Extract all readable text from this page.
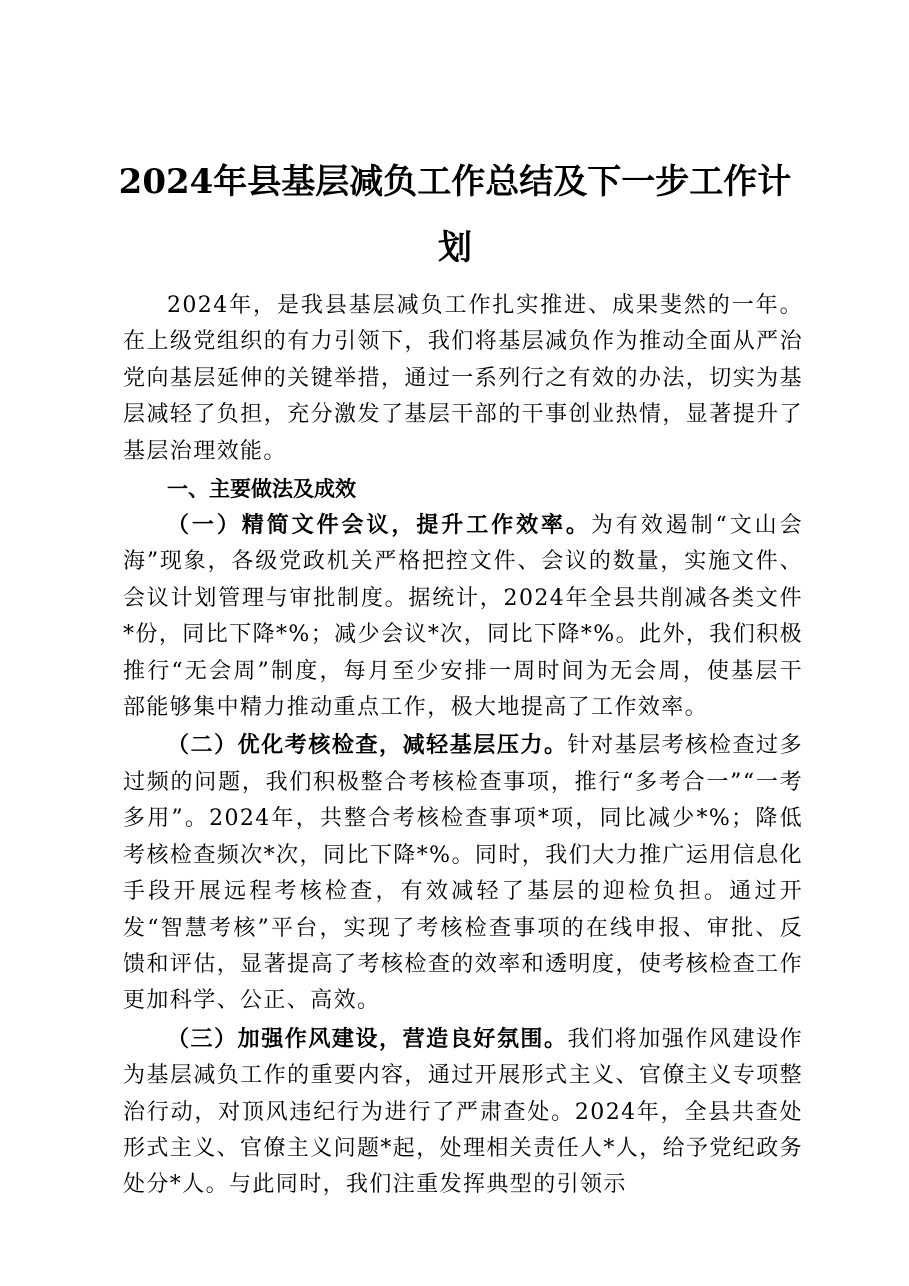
2024年县基层减负工作总结及下一步工作计
划

2024年，是我县基层减负工作扎实推进、成果斐然的一年。在上级党组织的有力引领下，我们将基层减负作为推动全面从严治党向基层延伸的关键举措，通过一系列行之有效的办法，切实为基层减轻了负担，充分激发了基层干部的干事创业热情，显著提升了基层治理效能。

一、主要做法及成效

（一）精简文件会议，提升工作效率。为有效遏制“文山会海”现象，各级党政机关严格把控文件、会议的数量，实施文件、会议计划管理与审批制度。据统计，2024年全县共削减各类文件*份，同比下降*%；减少会议*次，同比下降*%。此外，我们积极推行“无会周”制度，每月至少安排一周时间为无会周，使基层干部能够集中精力推动重点工作，极大地提高了工作效率。

（二）优化考核检查，减轻基层压力。针对基层考核检查过多过频的问题，我们积极整合考核检查事项，推行“多考合一”“一考多用”。2024年，共整合考核检查事项*项，同比减少*%；降低考核检查频次*次，同比下降*%。同时，我们大力推广运用信息化手段开展远程考核检查，有效减轻了基层的迎检负担。通过开发“智慧考核”平台，实现了考核检查事项的在线申报、审批、反馈和评估，显著提高了考核检查的效率和透明度，使考核检查工作更加科学、公正、高效。

（三）加强作风建设，营造良好氛围。我们将加强作风建设作为基层减负工作的重要内容，通过开展形式主义、官僚主义专项整治行动，对顶风违纪行为进行了严肃查处。2024年，全县共查处形式主义、官僚主义问题*起，处理相关责任人*人，给予党纪政务处分*人。与此同时，我们注重发挥典型的引领示
